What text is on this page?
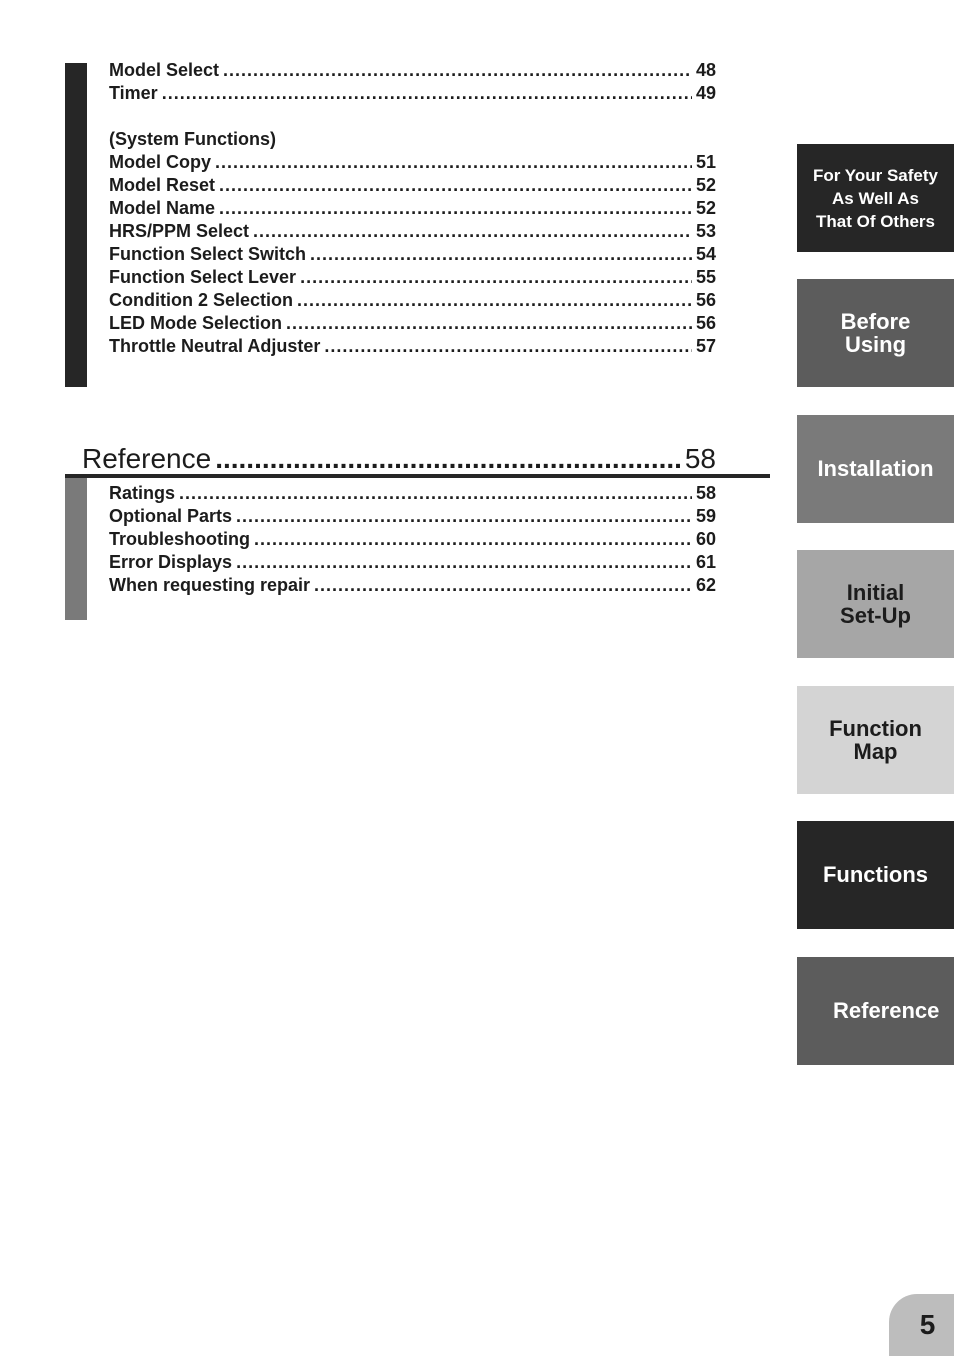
Model Select .....	48
Timer .....	49
(System Functions)
Model Copy .....	51
Model Reset .....	52
Model Name .....	52
HRS/PPM Select .....	53
Function Select Switch .....	54
Function Select Lever .....	55
Condition 2 Selection .....	56
LED Mode Selection .....	56
Throttle Neutral Adjuster .....	57
Reference .....	58
Ratings .....	58
Optional Parts .....	59
Troubleshooting .....	60
Error Displays .....	61
When requesting repair .....	62
For Your Safety
As Well As
That Of Others
Before
Using
Installation
Initial
Set-Up
Function
Map
Functions
Reference
5
